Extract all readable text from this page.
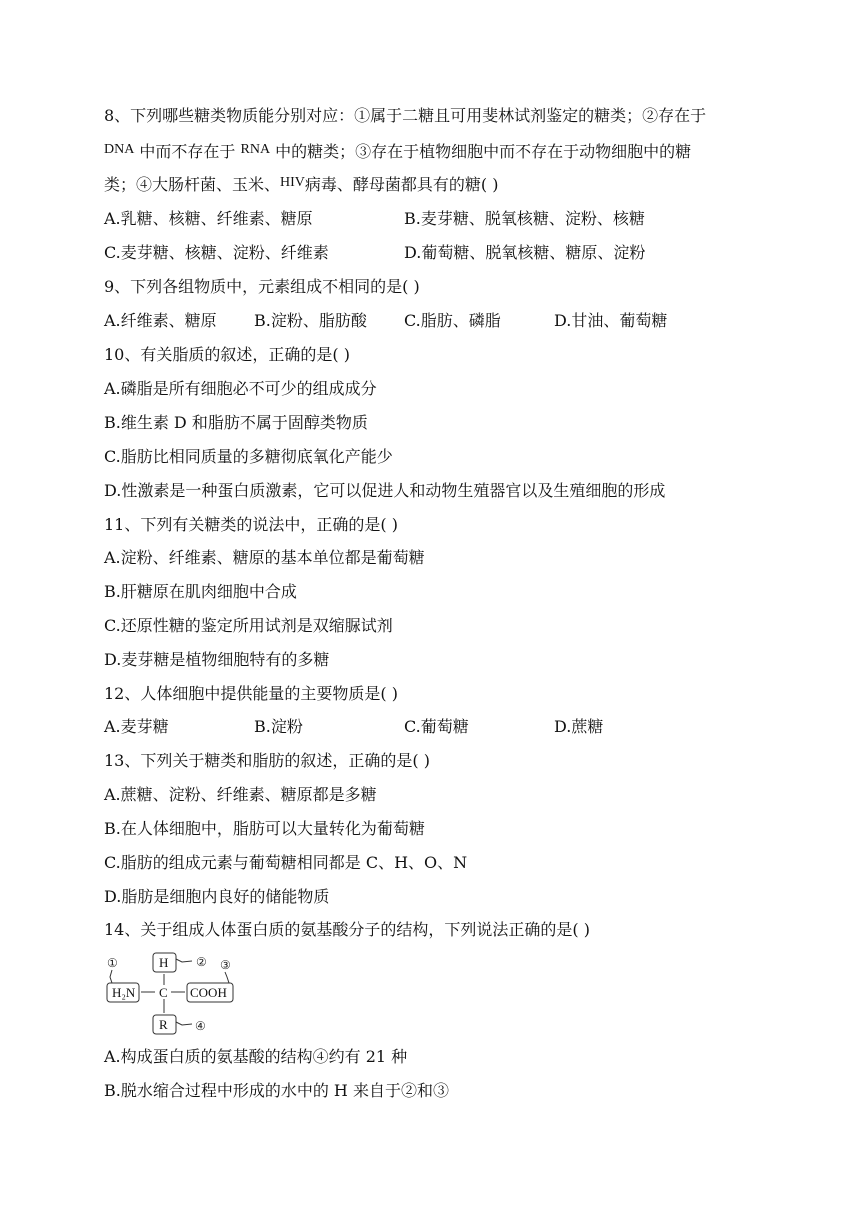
8、下列哪些糖类物质能分别对应：①属于二糖且可用斐林试剂鉴定的糖类；②存在于
DNA 中而不存在于 RNA 中的糖类；③存在于植物细胞中而不存在于动物细胞中的糖
类；④大肠杆菌、玉米、HIV病毒、酵母菌都具有的糖( )
A.乳糖、核糖、纤维素、糖原	B.麦芽糖、脱氧核糖、淀粉、核糖
C.麦芽糖、核糖、淀粉、纤维素	D.葡萄糖、脱氧核糖、糖原、淀粉
9、下列各组物质中，元素组成不相同的是( )
A.纤维素、糖原 B.淀粉、脂肪酸 C.脂肪、磷脂	D.甘油、葡萄糖
10、有关脂质的叙述，正确的是( )
A.磷脂是所有细胞必不可少的组成成分
B.维生素 D 和脂肪不属于固醇类物质
C.脂肪比相同质量的多糖彻底氧化产能少
D.性激素是一种蛋白质激素，它可以促进人和动物生殖器官以及生殖细胞的形成
11、下列有关糖类的说法中，正确的是( )
A.淀粉、纤维素、糖原的基本单位都是葡萄糖
B.肝糖原在肌肉细胞中合成
C.还原性糖的鉴定所用试剂是双缩脲试剂
D.麦芽糖是植物细胞特有的多糖
12、人体细胞中提供能量的主要物质是( )
A.麦芽糖	B.淀粉	C.葡萄糖	D.蔗糖
13、下列关于糖类和脂肪的叙述，正确的是( )
A.蔗糖、淀粉、纤维素、糖原都是多糖
B.在人体细胞中，脂肪可以大量转化为葡萄糖
C.脂肪的组成元素与葡萄糖相同都是 C、H、O、N
D.脂肪是细胞内良好的储能物质
14、关于组成人体蛋白质的氨基酸分子的结构，下列说法正确的是( )
①	② ③
④
H
H₂N C COOH
R
A.构成蛋白质的氨基酸的结构④约有 21 种
B.脱水缩合过程中形成的水中的 H 来自于②和③
